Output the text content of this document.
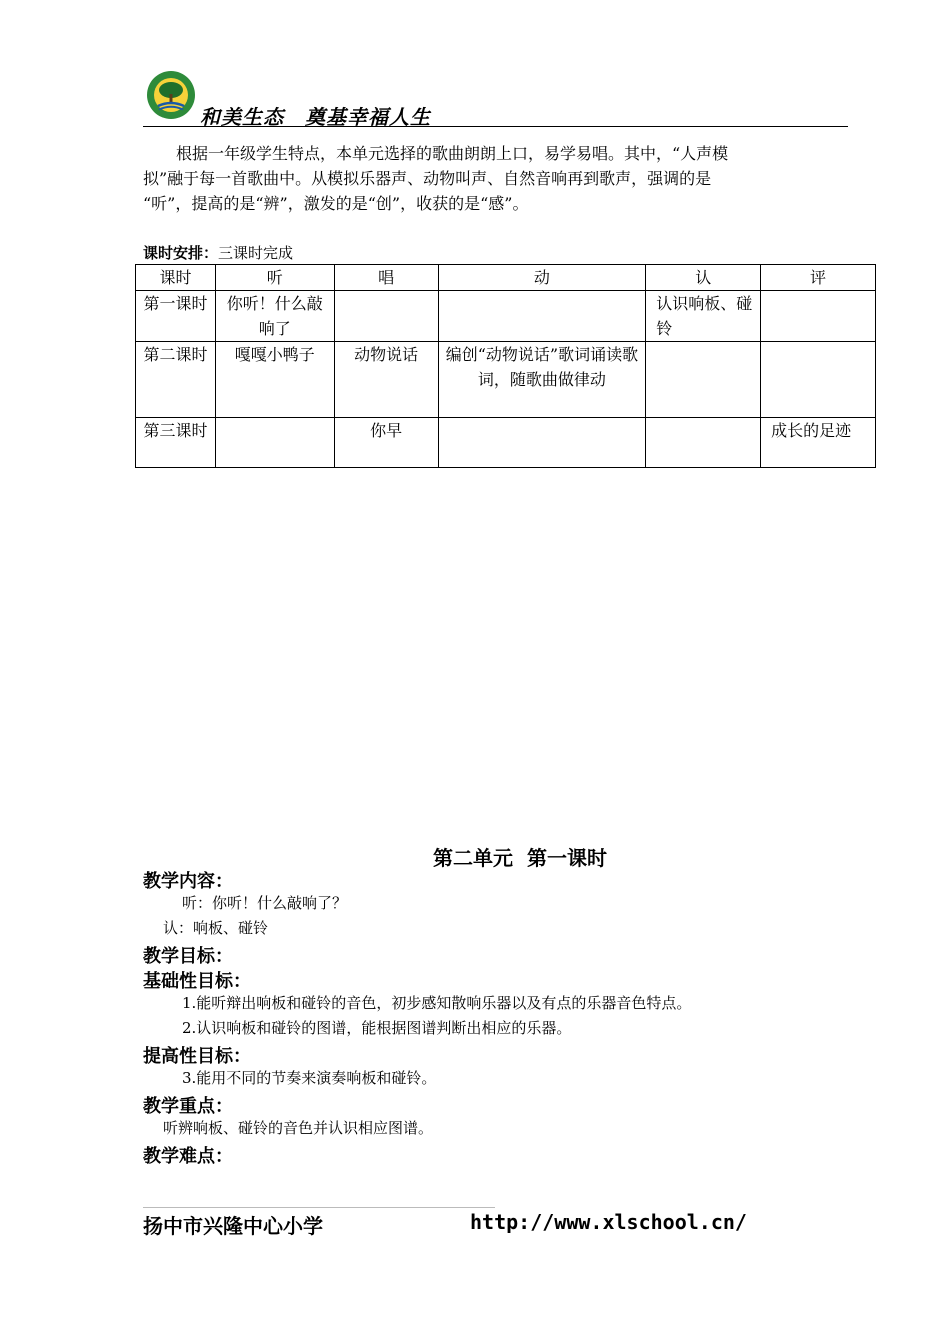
和美生态　奠基幸福人生
根据一年级学生特点，本单元选择的歌曲朗朗上口，易学易唱。其中，“人声模
拟”融于每一首歌曲中。从模拟乐器声、动物叫声、自然音响再到歌声，强调的是
“听”，提高的是“辨”，激发的是“创”，收获的是“感”。
课时安排：三课时完成
课时	听	唱	动	认	评
第一课时	你听！什么敲响了			认识响板、碰铃	
第二课时	嘎嘎小鸭子	动物说话	编创“动物说话”歌词诵读歌词，随歌曲做律动		
第三课时		你早			成长的足迹
第二单元  第一课时
教学内容：
听：你听！什么敲响了？
认：响板、碰铃
教学目标：
基础性目标：
1.能听辩出响板和碰铃的音色，初步感知散响乐器以及有点的乐器音色特点。
2.认识响板和碰铃的图谱，能根据图谱判断出相应的乐器。
提高性目标：
3.能用不同的节奏来演奏响板和碰铃。
教学重点：
听辨响板、碰铃的音色并认识相应图谱。
教学难点：
扬中市兴隆中心小学	http://www.xlschool.cn/
